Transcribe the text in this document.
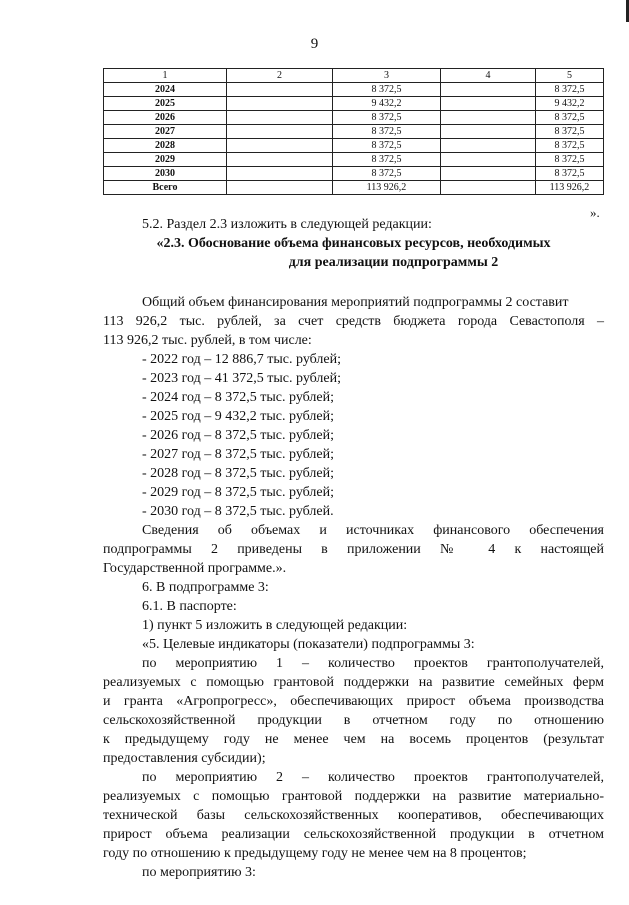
9
1	2	3	4	5
2024		8 372,5		8 372,5
2025		9 432,2		9 432,2
2026		8 372,5		8 372,5
2027		8 372,5		8 372,5
2028		8 372,5		8 372,5
2029		8 372,5		8 372,5
2030		8 372,5		8 372,5
Всего		113 926,2		113 926,2
».

5.2. Раздел 2.3 изложить в следующей редакции:

«2.3. Обоснование объема финансовых ресурсов, необходимых

для реализации подпрограммы 2

Общий объем финансирования мероприятий подпрограммы 2 составит

113 926,2 тыс. рублей, за счет средств бюджета города Севастополя –

113 926,2 тыс. рублей, в том числе:

- 2022 год – 12 886,7 тыс. рублей;

- 2023 год – 41 372,5 тыс. рублей;

- 2024 год – 8 372,5 тыс. рублей;

- 2025 год – 9 432,2 тыс. рублей;

- 2026 год – 8 372,5 тыс. рублей;

- 2027 год – 8 372,5 тыс. рублей;

- 2028 год – 8 372,5 тыс. рублей;

- 2029 год – 8 372,5 тыс. рублей;

- 2030 год – 8 372,5 тыс. рублей.

Сведения об объемах и источниках финансового обеспечения

подпрограммы 2 приведены в приложении № 4 к настоящей

Государственной программе.».

6. В подпрограмме 3:

6.1. В паспорте:

1) пункт 5 изложить в следующей редакции:

«5. Целевые индикаторы (показатели) подпрограммы 3:

по мероприятию 1 – количество проектов грантополучателей,

реализуемых с помощью грантовой поддержки на развитие семейных ферм

и гранта «Агропрогресс», обеспечивающих прирост объема производства

сельскохозяйственной продукции в отчетном году по отношению

к предыдущему году не менее чем на восемь процентов (результат

предоставления субсидии);

по мероприятию 2 – количество проектов грантополучателей,

реализуемых с помощью грантовой поддержки на развитие материально-

технической базы сельскохозяйственных кооперативов, обеспечивающих

прирост объема реализации сельскохозяйственной продукции в отчетном

году по отношению к предыдущему году не менее чем на 8 процентов;

по мероприятию 3:
